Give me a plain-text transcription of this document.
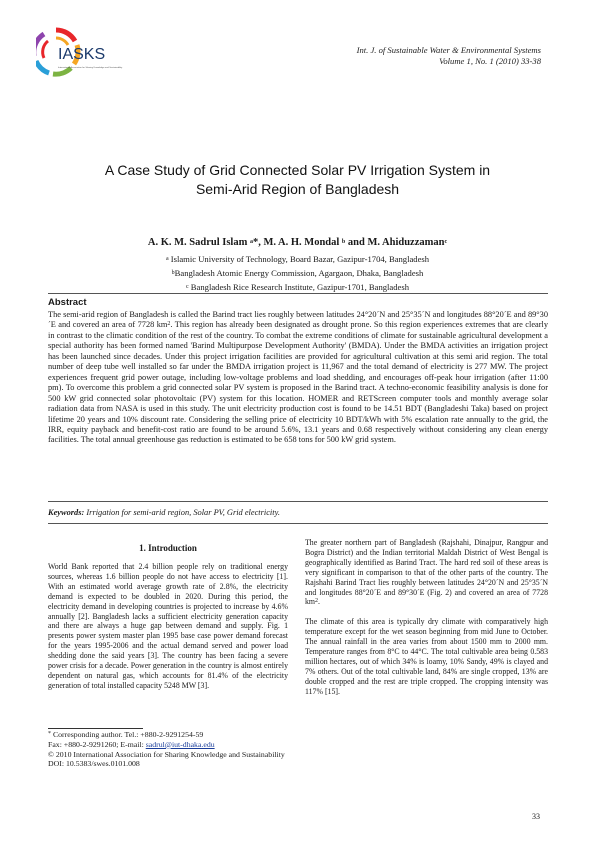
IASKS
International Association for Sharing Knowledge and Sustainability
Int. J. of Sustainable Water & Environmental Systems
Volume 1, No. 1 (2010) 33-38
A Case Study of Grid Connected Solar PV Irrigation System in
Semi-Arid Region of Bangladesh
A. K. M. Sadrul Islam $^a$*, M. A. H. Mondal $^b$ and M. Ahiduzzaman$^c$
$^a$ Islamic University of Technology, Board Bazar, Gazipur-1704, Bangladesh
$^b$Bangladesh Atomic Energy Commission, Agargaon, Dhaka, Bangladesh
$^c$ Bangladesh Rice Research Institute, Gazipur-1701, Bangladesh
Abstract
The semi-arid region of Bangladesh is called the Barind tract lies roughly between latitudes 24°20´N and 25°35´N and longitudes 88°20´E and 89°30´E and covered an area of 7728 $km^2$. This region has already been designated as drought prone. So this region experiences extremes that are clearly in contrast to the climatic condition of the rest of the country. To combat the extreme conditions of climate for sustainable agricultural development a special authority has been formed named 'Barind Multipurpose Development Authority' (BMDA). Under the BMDA activities an irrigation project has been launched since decades. Under this project irrigation facilities are provided for agricultural cultivation at this semi arid region. The total number of deep tube well installed so far under the BMDA irrigation project is 11,967 and the total demand of electricity is 277 MW. The project experiences frequent grid power outage, including low-voltage problems and load shedding, and encourages off-peak hour irrigation (after 11:00 pm). To overcome this problem a grid connected solar PV system is proposed in the Barind tract. A techno-economic feasibility analysis is done for 500 kW grid connected solar photovoltaic (PV) system for this location. HOMER and RETScreen computer tools and monthly average solar radiation data from NASA is used in this study. The unit electricity production cost is found to be 14.51 BDT (Bangladeshi Taka) based on project lifetime 20 years and 10% discount rate. Considering the selling price of electricity 10 BDT/kWh with 5% escalation rate annually to the grid, the IRR, equity payback and benefit-cost ratio are found to be around 5.6%, 13.1 years and 0.68 respectively without considering any clean energy facilities. The total annual greenhouse gas reduction is estimated to be 658 tons for 500 kW grid system.
Keywords: Irrigation for semi-arid region, Solar PV, Grid electricity.
1. Introduction
World Bank reported that 2.4 billion people rely on traditional energy sources, whereas 1.6 billion people do not have access to electricity [1]. With an estimated world average growth rate of 2.8%, the electricity demand is expected to be doubled in 2020. During this period, the electricity demand in developing countries is projected to increase by 4.6% annually [2]. Bangladesh lacks a sufficient electricity generation capacity and there are always a huge gap between demand and supply. Fig. 1 presents power system master plan 1995 base case power demand forecast for the years 1995-2006 and the actual demand served and power load shedding done the said years [3]. The country has been facing a severe power crisis for a decade. Power generation in the country is almost entirely dependent on natural gas, which accounts for 81.4% of the electricity generation of total installed capacity 5248 MW [3].

The greater northern part of Bangladesh (Rajshahi, Dinajpur, Rangpur and Bogra District) and the Indian territorial Maldah District of West Bengal is geographically identified as Barind Tract. The hard red soil of these areas is very significant in comparison to that of the other parts of the country. The Rajshahi Barind Tract lies roughly between latitudes 24°20´N and 25°35´N and longitudes 88°20´E and 89°30´E (Fig. 2) and covered an area of 7728 $km^2$.

The climate of this area is typically dry climate with comparatively high temperature except for the wet season beginning from mid June to October. The annual rainfall in the area varies from about 1500 mm to 2000 mm. Temperature ranges from 8°C to 44°C. The total cultivable area being 0.583 million hectares, out of which 34% is loamy, 10% Sandy, 49% is clayed and 7% others. Out of the total cultivable land, 84% are single cropped, 13% are double cropped and the rest are triple cropped. The cropping intensity was 117% [15].

* Corresponding author. Tel.: +880-2-9291254-59
Fax: +880-2-9291260; E-mail: sadrul@iut-dhaka.edu
© 2010 International Association for Sharing Knowledge and Sustainability
DOI: 10.5383/swes.0101.008
33
